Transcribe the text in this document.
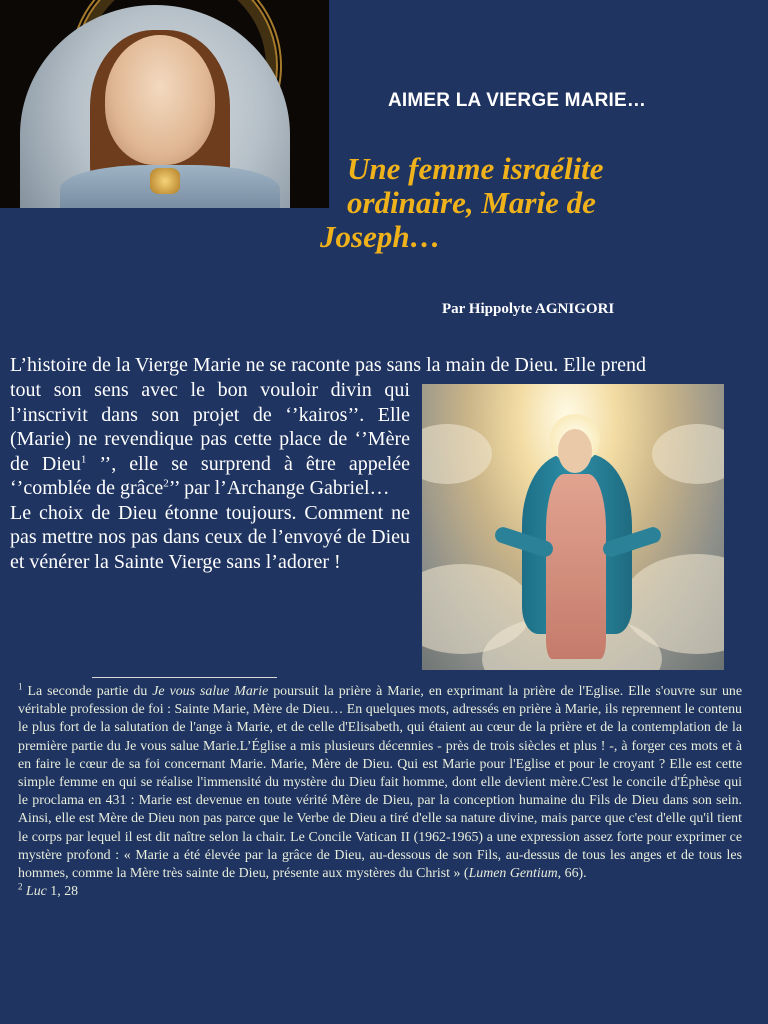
AIMER LA VIERGE MARIE…
Une femme israélite
ordinaire, Marie de
Joseph…
Par Hippolyte AGNIGORI
L’histoire de la Vierge Marie ne se raconte pas sans la main de Dieu. Elle prend

tout son sens avec le bon vouloir divin qui l’inscrivit dans son projet de ‘’kairos’’. Elle (Marie) ne revendique pas cette place de ‘’Mère de Dieu$^1$ ’’, elle se surprend à être appelée ‘’comblée de grâce$^2$’’ par l’Archange Gabriel…

Le choix de Dieu étonne toujours. Comment ne pas mettre nos pas dans ceux de l’envoyé de Dieu et vénérer la Sainte Vierge sans l’adorer !

$^1$ La seconde partie du Je vous salue Marie poursuit la prière à Marie, en exprimant la prière de l'Eglise. Elle s'ouvre sur une véritable profession de foi : Sainte Marie, Mère de Dieu… En quelques mots, adressés en prière à Marie, ils reprennent le contenu le plus fort de la salutation de l'ange à Marie, et de celle d'Elisabeth, qui étaient au cœur de la prière et de la contemplation de la première partie du Je vous salue Marie.L’Église a mis plusieurs décennies - près de trois siècles et plus ! -, à forger ces mots et à en faire le cœur de sa foi concernant Marie. Marie, Mère de Dieu. Qui est Marie pour l'Eglise et pour le croyant ? Elle est cette simple femme en qui se réalise l'immensité du mystère du Dieu fait homme, dont elle devient mère.C'est le concile d'Éphèse qui le proclama en 431 : Marie est devenue en toute vérité Mère de Dieu, par la conception humaine du Fils de Dieu dans son sein. Ainsi, elle est Mère de Dieu non pas parce que le Verbe de Dieu a tiré d'elle sa nature divine, mais parce que c'est d'elle qu'il tient le corps par lequel il est dit naître selon la chair. Le Concile Vatican II (1962-1965) a une expression assez forte pour exprimer ce mystère profond : « Marie a été élevée par la grâce de Dieu, au-dessous de son Fils, au-dessus de tous les anges et de tous les hommes, comme la Mère très sainte de Dieu, présente aux mystères du Christ » (Lumen Gentium, 66).

$^2$ Luc 1, 28
